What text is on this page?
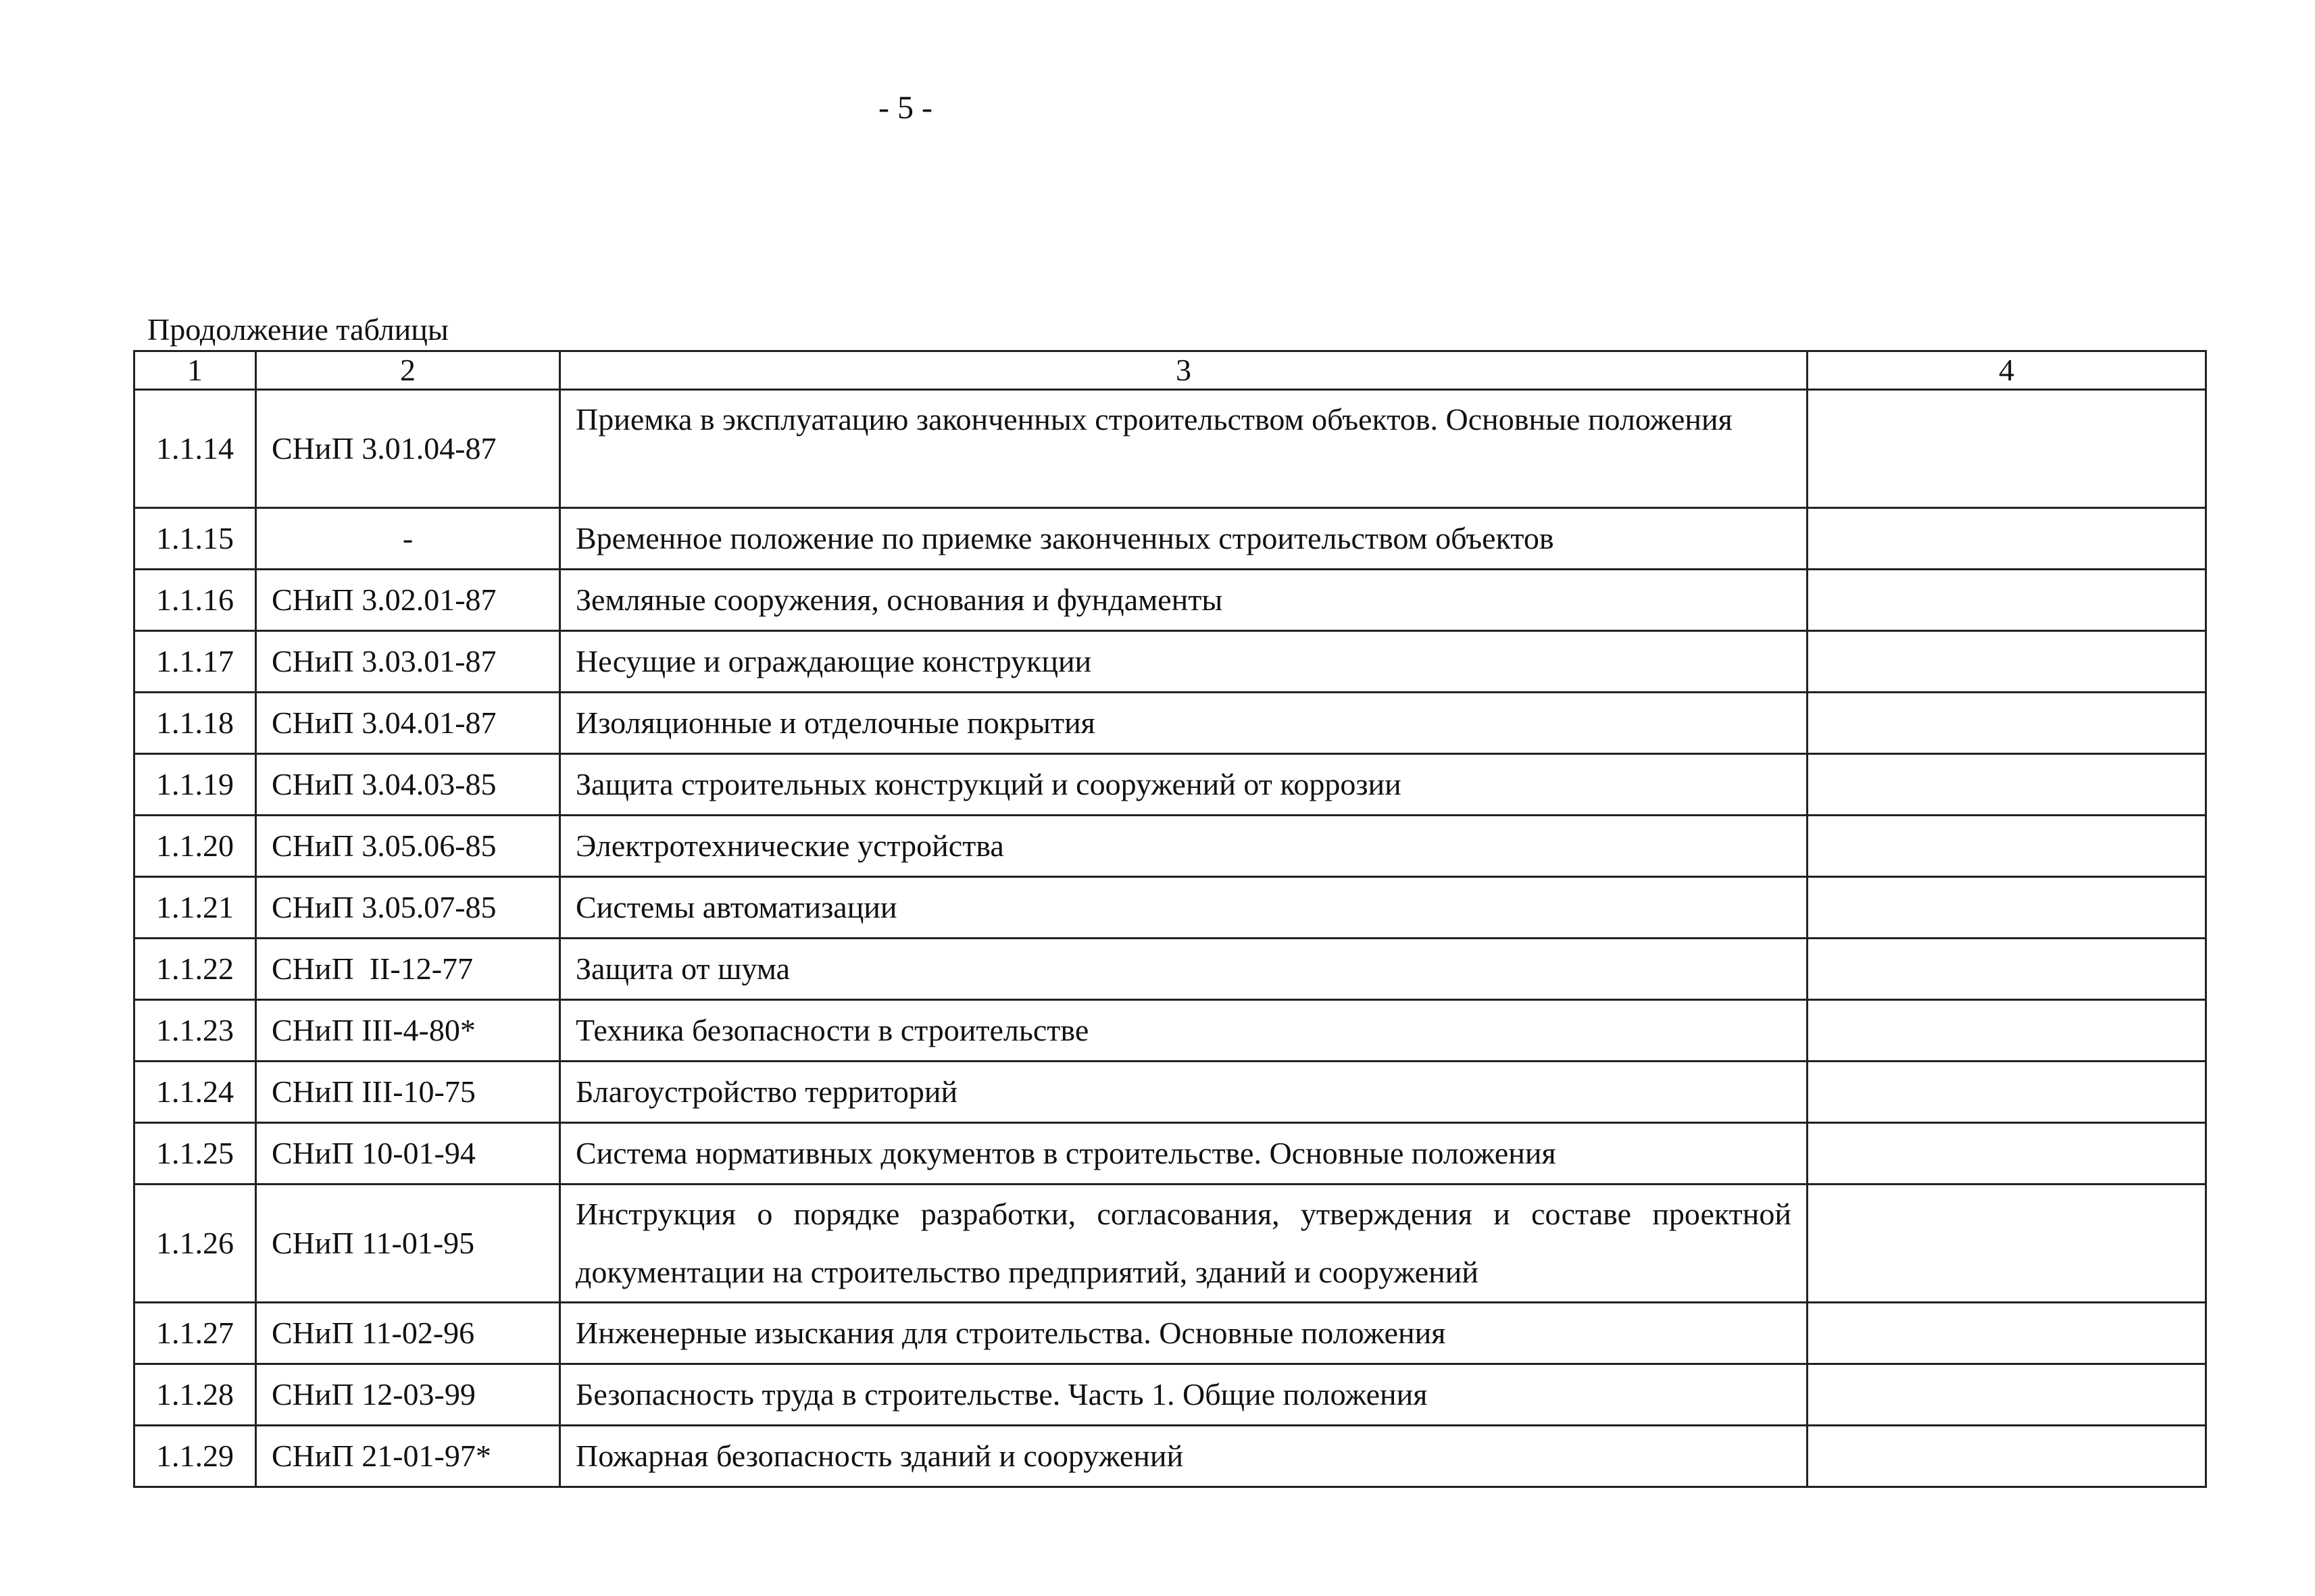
- 5 -
Продолжение таблицы
1	2	3	4
1.1.14	СНиП 3.01.04-87	Приемка в эксплуатацию законченных строительством объектов. Основные положения	
1.1.15	-	Временное положение по приемке законченных строительством объектов	
1.1.16	СНиП 3.02.01-87	Земляные сооружения, основания и фундаменты	
1.1.17	СНиП 3.03.01-87	Несущие и ограждающие конструкции	
1.1.18	СНиП 3.04.01-87	Изоляционные и отделочные покрытия	
1.1.19	СНиП 3.04.03-85	Защита строительных конструкций и сооружений от коррозии	
1.1.20	СНиП 3.05.06-85	Электротехнические устройства	
1.1.21	СНиП 3.05.07-85	Системы автоматизации	
1.1.22	СНиП  II-12-77	Защита от шума	
1.1.23	СНиП III-4-80*	Техника безопасности в строительстве	
1.1.24	СНиП III-10-75	Благоустройство территорий	
1.1.25	СНиП 10-01-94	Система нормативных документов в строительстве. Основные положения	
1.1.26	СНиП 11-01-95	Инструкция о порядке разработки, согласования, утверждения и составе проектной документации на строительство предприятий, зданий и сооружений	
1.1.27	СНиП 11-02-96	Инженерные изыскания для строительства. Основные положения	
1.1.28	СНиП 12-03-99	Безопасность труда в строительстве. Часть 1. Общие положения	
1.1.29	СНиП 21-01-97*	Пожарная безопасность зданий и сооружений	
